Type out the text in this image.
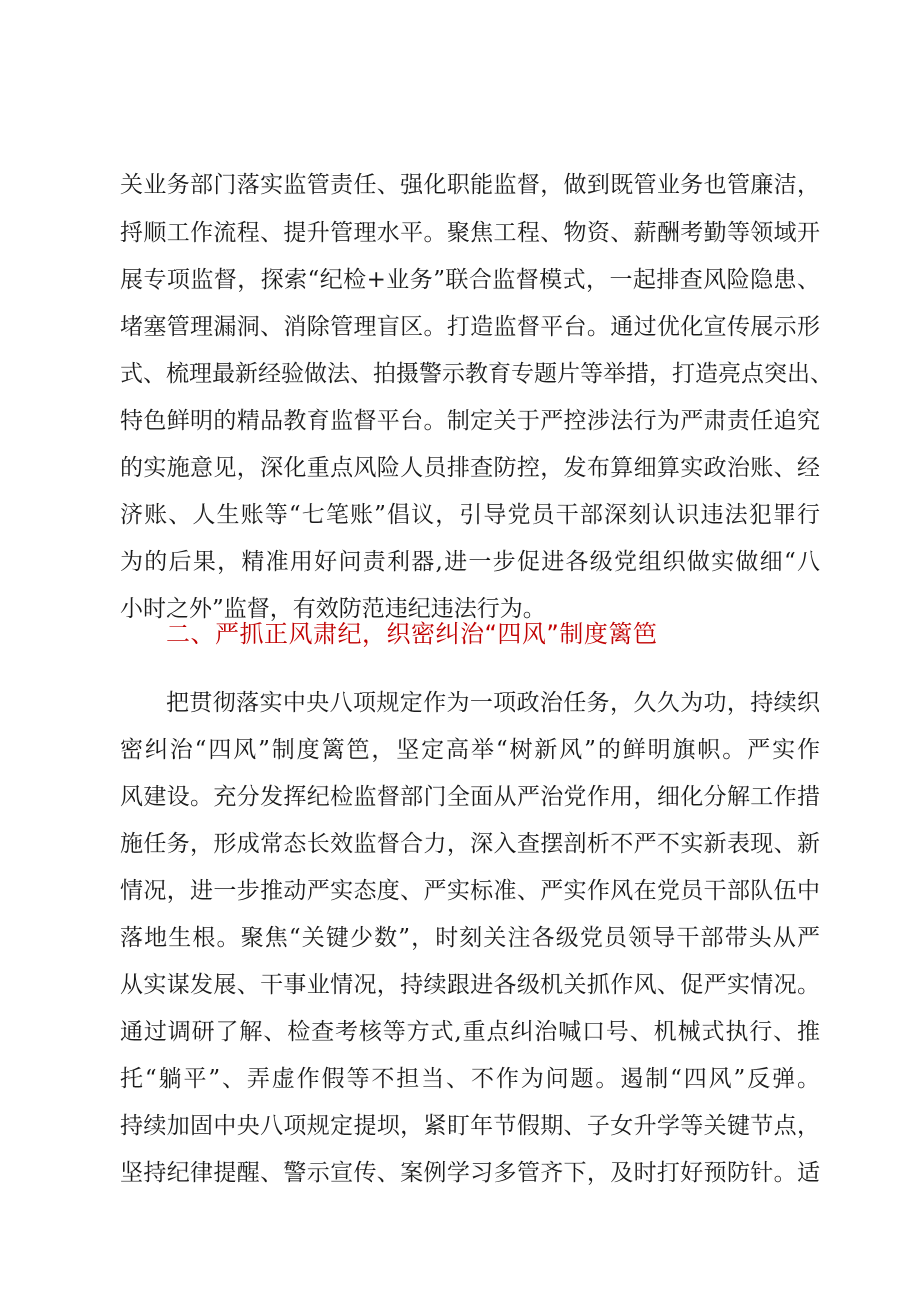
关业务部门落实监管责任、强化职能监督，做到既管业务也管廉洁，
捋顺工作流程、提升管理水平。聚焦工程、物资、薪酬考勤等领域开
展专项监督，探索“纪检+业务”联合监督模式，一起排查风险隐患、
堵塞管理漏洞、消除管理盲区。打造监督平台。通过优化宣传展示形
式、梳理最新经验做法、拍摄警示教育专题片等举措，打造亮点突出、
特色鲜明的精品教育监督平台。制定关于严控涉法行为严肃责任追究
的实施意见，深化重点风险人员排查防控，发布算细算实政治账、经
济账、人生账等“七笔账”倡议，引导党员干部深刻认识违法犯罪行
为的后果，精准用好问责利器,进一步促进各级党组织做实做细“八
小时之外”监督，有效防范违纪违法行为。
二、严抓正风肃纪，织密纠治“四风”制度篱笆
把贯彻落实中央八项规定作为一项政治任务，久久为功，持续织
密纠治“四风”制度篱笆，坚定高举“树新风”的鲜明旗帜。严实作
风建设。充分发挥纪检监督部门全面从严治党作用，细化分解工作措
施任务，形成常态长效监督合力，深入查摆剖析不严不实新表现、新
情况，进一步推动严实态度、严实标准、严实作风在党员干部队伍中
落地生根。聚焦“关键少数”，时刻关注各级党员领导干部带头从严
从实谋发展、干事业情况，持续跟进各级机关抓作风、促严实情况。
通过调研了解、检查考核等方式,重点纠治喊口号、机械式执行、推
托“躺平”、弄虚作假等不担当、不作为问题。遏制“四风”反弹。
持续加固中央八项规定提坝，紧盯年节假期、子女升学等关键节点，
坚持纪律提醒、警示宣传、案例学习多管齐下，及时打好预防针。适
